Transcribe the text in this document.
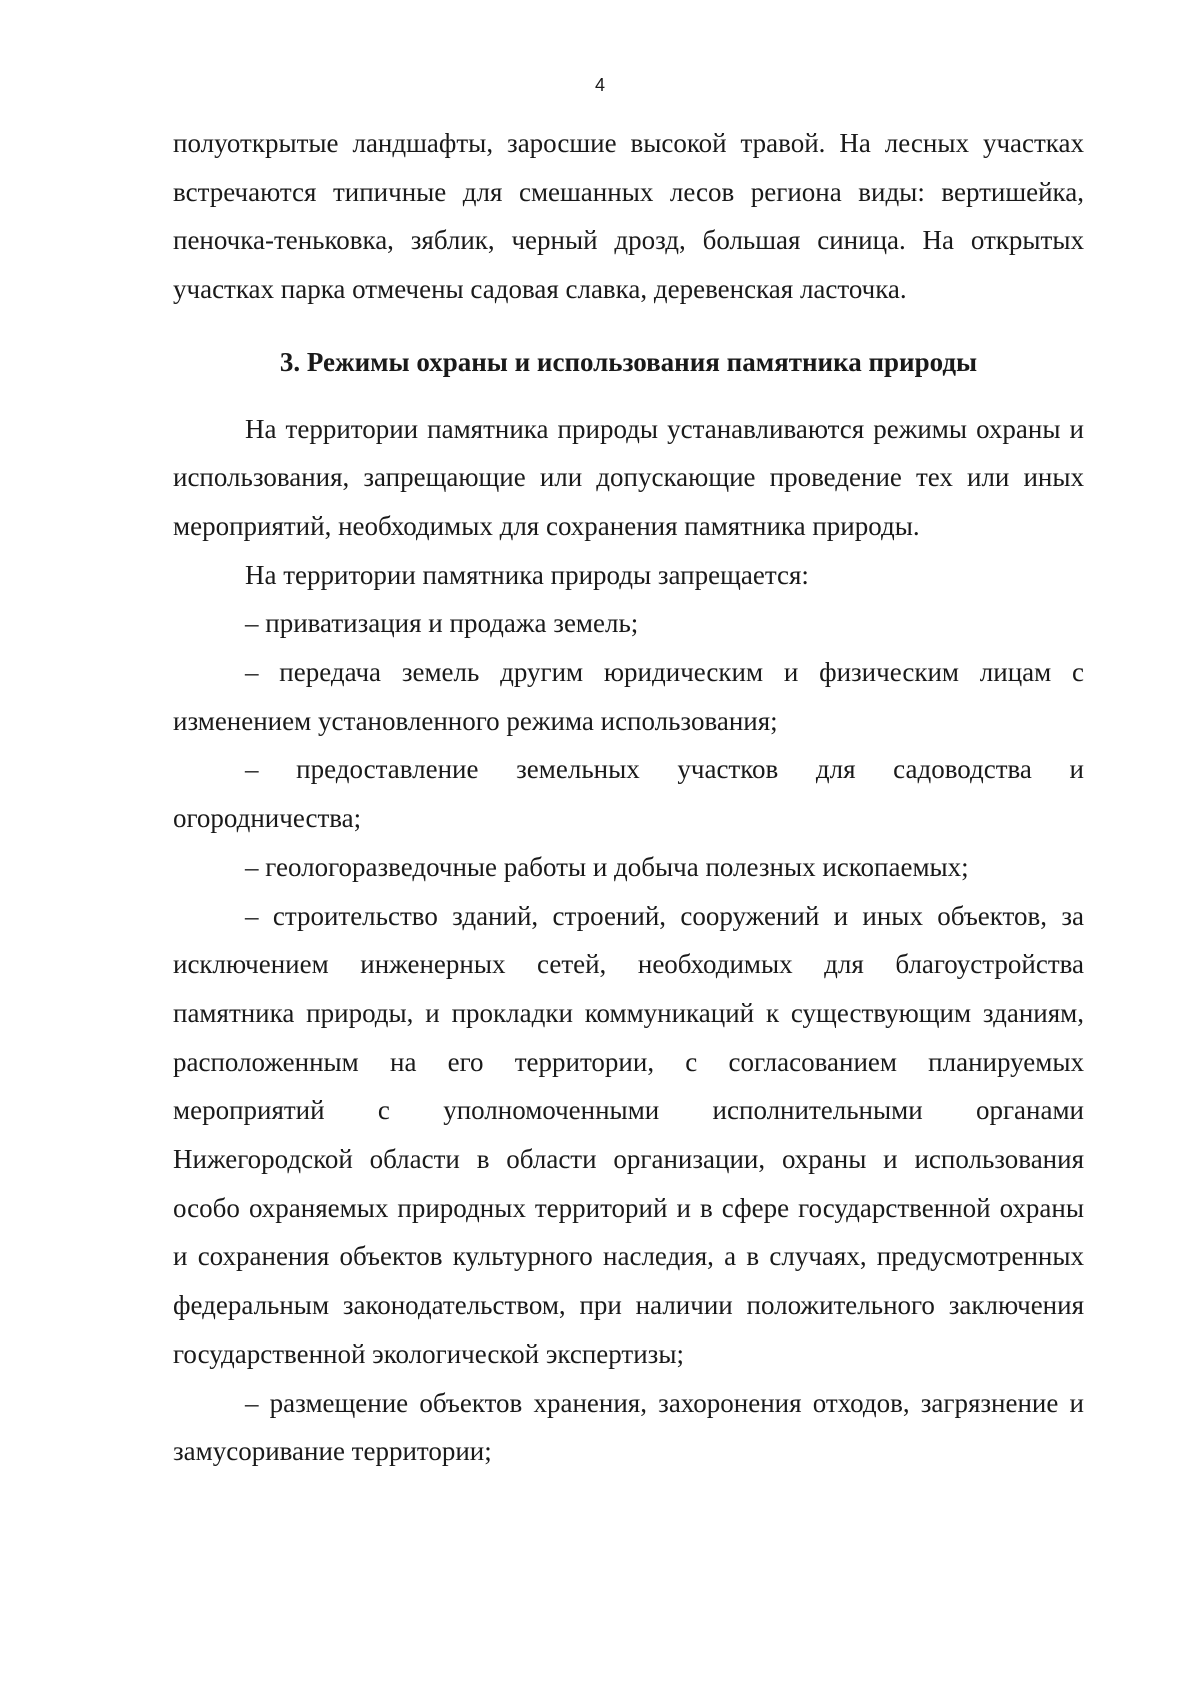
4

полуоткрытые ландшафты, заросшие высокой травой. На лесных участках встречаются типичные для смешанных лесов региона виды: вертишейка, пеночка-теньковка, зяблик, черный дрозд, большая синица. На открытых участках парка отмечены садовая славка, деревенская ласточка.

3. Режимы охраны и использования памятника природы

На территории памятника природы устанавливаются режимы охраны и использования, запрещающие или допускающие проведение тех или иных мероприятий, необходимых для сохранения памятника природы.

На территории памятника природы запрещается:

– приватизация и продажа земель;

– передача земель другим юридическим и физическим лицам с изменением установленного режима использования;

– предоставление земельных участков для садоводства и огородничества;

– геологоразведочные работы и добыча полезных ископаемых;

– строительство зданий, строений, сооружений и иных объектов, за исключением инженерных сетей, необходимых для благоустройства памятника природы, и прокладки коммуникаций к существующим зданиям, расположенным на его территории, с согласованием планируемых мероприятий с уполномоченными исполнительными органами Нижегородской области в области организации, охраны и использования особо охраняемых природных территорий и в сфере государственной охраны и сохранения объектов культурного наследия, а в случаях, предусмотренных федеральным законодательством, при наличии положительного заключения государственной экологической экспертизы;

– размещение объектов хранения, захоронения отходов, загрязнение и замусоривание территории;
